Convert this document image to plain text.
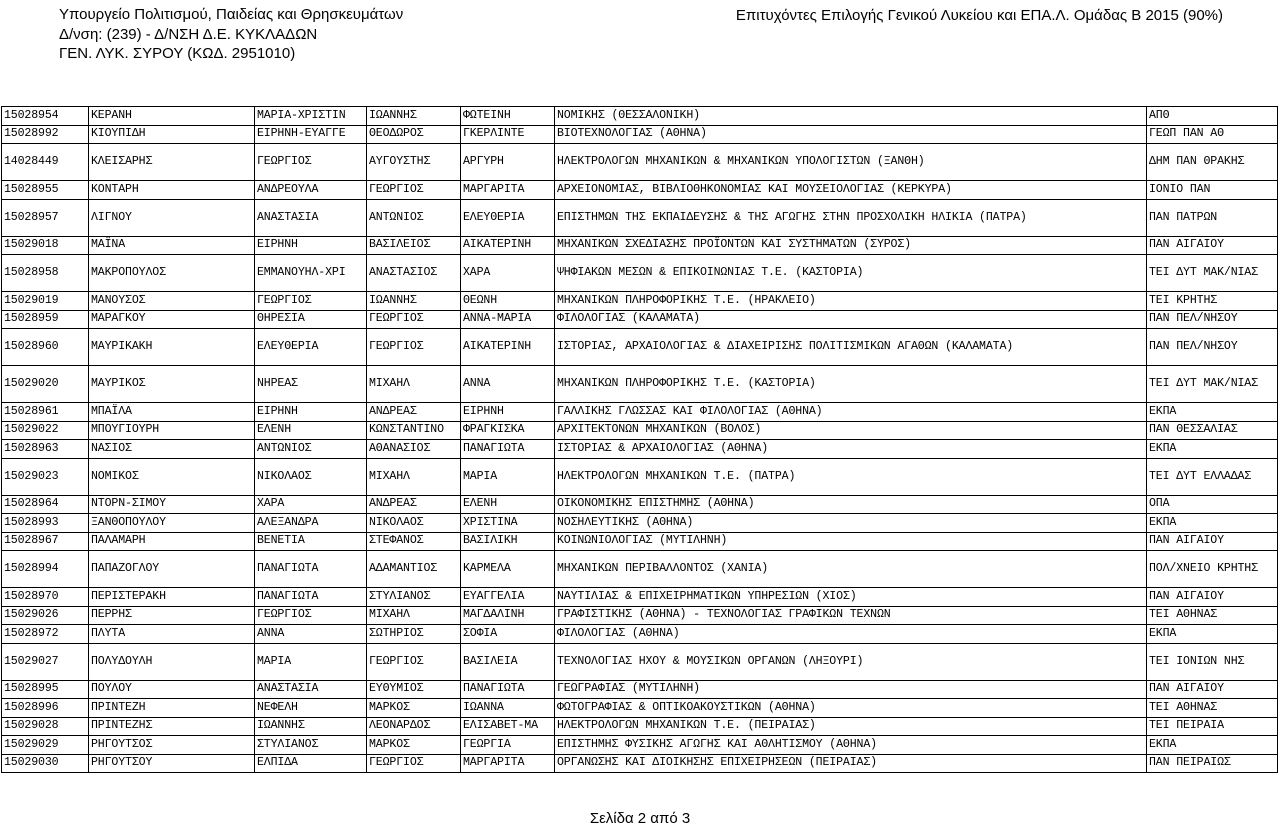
Υπουργείο Πολιτισμού, Παιδείας και Θρησκευμάτων
Δ/νση: (239) - Δ/ΝΣΗ Δ.Ε. ΚΥΚΛΑΔΩΝ
ΓΕΝ. ΛΥΚ. ΣΥΡΟΥ (ΚΩΔ. 2951010)
Επιτυχόντες Επιλογής Γενικού Λυκείου και ΕΠΑ.Λ. Ομάδας Β 2015 (90%)
15028954	ΚΕΡΑΝΗ	ΜΑΡΙΑ-ΧΡΙΣΤΙΝ	ΙΩΑΝΝΗΣ	ΦΩΤΕΙΝΗ	ΝΟΜΙΚΗΣ (ΘΕΣΣΑΛΟΝΙΚΗ)	ΑΠΘ
15028992	ΚΙΟΥΠΙΔΗ	ΕΙΡΗΝΗ-ΕΥΑΓΓΕ	ΘΕΟΔΩΡΟΣ	ΓΚΕΡΛΙΝΤΕ	ΒΙΟΤΕΧΝΟΛΟΓΙΑΣ (ΑΘΗΝΑ)	ΓΕΩΠ ΠΑΝ ΑΘ
14028449	ΚΛΕΙΣΑΡΗΣ	ΓΕΩΡΓΙΟΣ	ΑΥΓΟΥΣΤΗΣ	ΑΡΓΥΡΗ	ΗΛΕΚΤΡΟΛΟΓΩΝ ΜΗΧΑΝΙΚΩΝ & ΜΗΧΑΝΙΚΩΝ ΥΠΟΛΟΓΙΣΤΩΝ (ΞΑΝΘΗ)	ΔΗΜ ΠΑΝ ΘΡΑΚΗΣ
15028955	ΚΟΝΤΑΡΗ	ΑΝΔΡΕΟΥΛΑ	ΓΕΩΡΓΙΟΣ	ΜΑΡΓΑΡΙΤΑ	ΑΡΧΕΙΟΝΟΜΙΑΣ, ΒΙΒΛΙΟΘΗΚΟΝΟΜΙΑΣ ΚΑΙ ΜΟΥΣΕΙΟΛΟΓΙΑΣ (ΚΕΡΚΥΡΑ)	ΙΟΝΙΟ ΠΑΝ
15028957	ΛΙΓΝΟΥ	ΑΝΑΣΤΑΣΙΑ	ΑΝΤΩΝΙΟΣ	ΕΛΕΥΘΕΡΙΑ	ΕΠΙΣΤΗΜΩΝ ΤΗΣ ΕΚΠΑΙΔΕΥΣΗΣ & ΤΗΣ ΑΓΩΓΗΣ ΣΤΗΝ ΠΡΟΣΧΟΛΙΚΗ ΗΛΙΚΙΑ (ΠΑΤΡΑ)	ΠΑΝ ΠΑΤΡΩΝ
15029018	ΜΑΪΝΑ	ΕΙΡΗΝΗ	ΒΑΣΙΛΕΙΟΣ	ΑΙΚΑΤΕΡΙΝΗ	ΜΗΧΑΝΙΚΩΝ ΣΧΕΔΙΑΣΗΣ ΠΡΟΪΟΝΤΩΝ ΚΑΙ ΣΥΣΤΗΜΑΤΩΝ (ΣΥΡΟΣ)	ΠΑΝ ΑΙΓΑΙΟΥ
15028958	ΜΑΚΡΟΠΟΥΛΟΣ	ΕΜΜΑΝΟΥΗΛ-ΧΡΙ	ΑΝΑΣΤΑΣΙΟΣ	ΧΑΡΑ	ΨΗΦΙΑΚΩΝ ΜΕΣΩΝ & ΕΠΙΚΟΙΝΩΝΙΑΣ Τ.Ε. (ΚΑΣΤΟΡΙΑ)	ΤΕΙ ΔΥΤ ΜΑΚ/ΝΙΑΣ
15029019	ΜΑΝΟΥΣΟΣ	ΓΕΩΡΓΙΟΣ	ΙΩΑΝΝΗΣ	ΘΕΩΝΗ	ΜΗΧΑΝΙΚΩΝ ΠΛΗΡΟΦΟΡΙΚΗΣ Τ.Ε. (ΗΡΑΚΛΕΙΟ)	ΤΕΙ ΚΡΗΤΗΣ
15028959	ΜΑΡΑΓΚΟΥ	ΘΗΡΕΣΙΑ	ΓΕΩΡΓΙΟΣ	ΑΝΝΑ-ΜΑΡΙΑ	ΦΙΛΟΛΟΓΙΑΣ (ΚΑΛΑΜΑΤΑ)	ΠΑΝ ΠΕΛ/ΝΗΣΟΥ
15028960	ΜΑΥΡΙΚΑΚΗ	ΕΛΕΥΘΕΡΙΑ	ΓΕΩΡΓΙΟΣ	ΑΙΚΑΤΕΡΙΝΗ	ΙΣΤΟΡΙΑΣ, ΑΡΧΑΙΟΛΟΓΙΑΣ & ΔΙΑΧΕΙΡΙΣΗΣ ΠΟΛΙΤΙΣΜΙΚΩΝ ΑΓΑΘΩΝ (ΚΑΛΑΜΑΤΑ)	ΠΑΝ ΠΕΛ/ΝΗΣΟΥ
15029020	ΜΑΥΡΙΚΟΣ	ΝΗΡΕΑΣ	ΜΙΧΑΗΛ	ΑΝΝΑ	ΜΗΧΑΝΙΚΩΝ ΠΛΗΡΟΦΟΡΙΚΗΣ Τ.Ε. (ΚΑΣΤΟΡΙΑ)	ΤΕΙ ΔΥΤ ΜΑΚ/ΝΙΑΣ
15028961	ΜΠΑΪΛΑ	ΕΙΡΗΝΗ	ΑΝΔΡΕΑΣ	ΕΙΡΗΝΗ	ΓΑΛΛΙΚΗΣ ΓΛΩΣΣΑΣ ΚΑΙ ΦΙΛΟΛΟΓΙΑΣ (ΑΘΗΝΑ)	ΕΚΠΑ
15029022	ΜΠΟΥΓΙΟΥΡΗ	ΕΛΕΝΗ	ΚΩΝΣΤΑΝΤΙΝΟ	ΦΡΑΓΚΙΣΚΑ	ΑΡΧΙΤΕΚΤΟΝΩΝ ΜΗΧΑΝΙΚΩΝ (ΒΟΛΟΣ)	ΠΑΝ ΘΕΣΣΑΛΙΑΣ
15028963	ΝΑΣΙΟΣ	ΑΝΤΩΝΙΟΣ	ΑΘΑΝΑΣΙΟΣ	ΠΑΝΑΓΙΩΤΑ	ΙΣΤΟΡΙΑΣ & ΑΡΧΑΙΟΛΟΓΙΑΣ (ΑΘΗΝΑ)	ΕΚΠΑ
15029023	ΝΟΜΙΚΟΣ	ΝΙΚΟΛΑΟΣ	ΜΙΧΑΗΛ	ΜΑΡΙΑ	ΗΛΕΚΤΡΟΛΟΓΩΝ ΜΗΧΑΝΙΚΩΝ Τ.Ε. (ΠΑΤΡΑ)	ΤΕΙ ΔΥΤ ΕΛΛΑΔΑΣ
15028964	ΝΤΟΡΝ-ΣΙΜΟΥ	ΧΑΡΑ	ΑΝΔΡΕΑΣ	ΕΛΕΝΗ	ΟΙΚΟΝΟΜΙΚΗΣ ΕΠΙΣΤΗΜΗΣ (ΑΘΗΝΑ)	ΟΠΑ
15028993	ΞΑΝΘΟΠΟΥΛΟΥ	ΑΛΕΞΑΝΔΡΑ	ΝΙΚΟΛΑΟΣ	ΧΡΙΣΤΙΝΑ	ΝΟΣΗΛΕΥΤΙΚΗΣ (ΑΘΗΝΑ)	ΕΚΠΑ
15028967	ΠΑΛΑΜΑΡΗ	ΒΕΝΕΤΙΑ	ΣΤΕΦΑΝΟΣ	ΒΑΣΙΛΙΚΗ	ΚΟΙΝΩΝΙΟΛΟΓΙΑΣ (ΜΥΤΙΛΗΝΗ)	ΠΑΝ ΑΙΓΑΙΟΥ
15028994	ΠΑΠΑΖΟΓΛΟΥ	ΠΑΝΑΓΙΩΤΑ	ΑΔΑΜΑΝΤΙΟΣ	ΚΑΡΜΕΛΑ	ΜΗΧΑΝΙΚΩΝ ΠΕΡΙΒΑΛΛΟΝΤΟΣ (ΧΑΝΙΑ)	ΠΟΛ/ΧΝΕΙΟ ΚΡΗΤΗΣ
15028970	ΠΕΡΙΣΤΕΡΑΚΗ	ΠΑΝΑΓΙΩΤΑ	ΣΤΥΛΙΑΝΟΣ	ΕΥΑΓΓΕΛΙΑ	ΝΑΥΤΙΛΙΑΣ & ΕΠΙΧΕΙΡΗΜΑΤΙΚΩΝ ΥΠΗΡΕΣΙΩΝ (ΧΙΟΣ)	ΠΑΝ ΑΙΓΑΙΟΥ
15029026	ΠΕΡΡΗΣ	ΓΕΩΡΓΙΟΣ	ΜΙΧΑΗΛ	ΜΑΓΔΑΛΙΝΗ	ΓΡΑΦΙΣΤΙΚΗΣ (ΑΘΗΝΑ) - ΤΕΧΝΟΛΟΓΙΑΣ ΓΡΑΦΙΚΩΝ ΤΕΧΝΩΝ	ΤΕΙ ΑΘΗΝΑΣ
15028972	ΠΛΥΤΑ	ΑΝΝΑ	ΣΩΤΗΡΙΟΣ	ΣΟΦΙΑ	ΦΙΛΟΛΟΓΙΑΣ (ΑΘΗΝΑ)	ΕΚΠΑ
15029027	ΠΟΛΥΔΟΥΛΗ	ΜΑΡΙΑ	ΓΕΩΡΓΙΟΣ	ΒΑΣΙΛΕΙΑ	ΤΕΧΝΟΛΟΓΙΑΣ ΗΧΟΥ & ΜΟΥΣΙΚΩΝ ΟΡΓΑΝΩΝ (ΛΗΞΟΥΡΙ)	ΤΕΙ ΙΟΝΙΩΝ ΝΗΣ
15028995	ΠΟΥΛΟΥ	ΑΝΑΣΤΑΣΙΑ	ΕΥΘΥΜΙΟΣ	ΠΑΝΑΓΙΩΤΑ	ΓΕΩΓΡΑΦΙΑΣ (ΜΥΤΙΛΗΝΗ)	ΠΑΝ ΑΙΓΑΙΟΥ
15028996	ΠΡΙΝΤΕΖΗ	ΝΕΦΕΛΗ	ΜΑΡΚΟΣ	ΙΩΑΝΝΑ	ΦΩΤΟΓΡΑΦΙΑΣ & ΟΠΤΙΚΟΑΚΟΥΣΤΙΚΩΝ (ΑΘΗΝΑ)	ΤΕΙ ΑΘΗΝΑΣ
15029028	ΠΡΙΝΤΕΖΗΣ	ΙΩΑΝΝΗΣ	ΛΕΟΝΑΡΔΟΣ	ΕΛΙΣΑΒΕΤ-ΜΑ	ΗΛΕΚΤΡΟΛΟΓΩΝ ΜΗΧΑΝΙΚΩΝ Τ.Ε. (ΠΕΙΡΑΙΑΣ)	ΤΕΙ ΠΕΙΡΑΙΑ
15029029	ΡΗΓΟΥΤΣΟΣ	ΣΤΥΛΙΑΝΟΣ	ΜΑΡΚΟΣ	ΓΕΩΡΓΙΑ	ΕΠΙΣΤΗΜΗΣ ΦΥΣΙΚΗΣ ΑΓΩΓΗΣ ΚΑΙ ΑΘΛΗΤΙΣΜΟΥ (ΑΘΗΝΑ)	ΕΚΠΑ
15029030	ΡΗΓΟΥΤΣΟΥ	ΕΛΠΙΔΑ	ΓΕΩΡΓΙΟΣ	ΜΑΡΓΑΡΙΤΑ	ΟΡΓΑΝΩΣΗΣ ΚΑΙ ΔΙΟΙΚΗΣΗΣ ΕΠΙΧΕΙΡΗΣΕΩΝ (ΠΕΙΡΑΙΑΣ)	ΠΑΝ ΠΕΙΡΑΙΩΣ
Σελίδα 2 από 3
